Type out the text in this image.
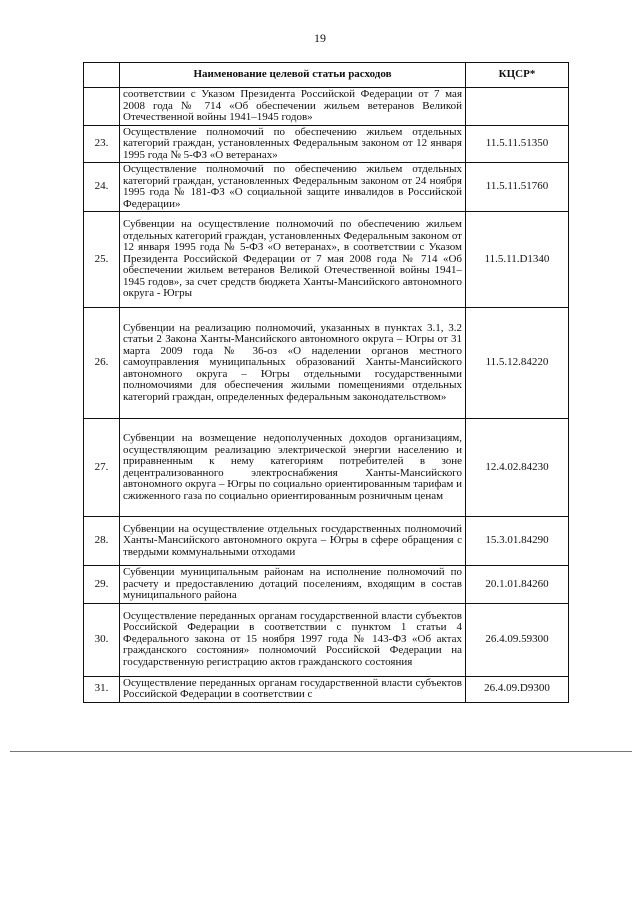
19
	Наименование целевой статьи расходов	КЦСР*
	соответствии с Указом Президента Российской Федерации от 7 мая 2008 года № 714 «Об обеспечении жильем ветеранов Великой Отечественной войны 1941–1945 годов»	
23.	Осуществление полномочий по обеспечению жильем отдельных категорий граждан, установленных Федеральным законом от 12 января 1995 года № 5-ФЗ «О ветеранах»	11.5.11.51350
24.	Осуществление полномочий по обеспечению жильем отдельных категорий граждан, установленных Федеральным законом от 24 ноября 1995 года № 181-ФЗ «О социальной защите инвалидов в Российской Федерации»	11.5.11.51760
25.	Субвенции на осуществление полномочий по обеспечению жильем отдельных категорий граждан, установленных Федеральным законом от 12 января 1995 года № 5-ФЗ «О ветеранах», в соответствии с Указом Президента Российской Федерации от 7 мая 2008 года № 714 «Об обеспечении жильем ветеранов Великой Отечественной войны 1941–1945 годов», за счет средств бюджета Ханты-Мансийского автономного округа - Югры	11.5.11.D1340
26.	Субвенции на реализацию полномочий, указанных в пунктах 3.1, 3.2 статьи 2 Закона Ханты-Мансийского автономного округа – Югры от 31 марта 2009 года № 36-оз «О наделении органов местного самоуправления муниципальных образований Ханты-Мансийского автономного округа – Югры отдельными государственными полномочиями для обеспечения жилыми помещениями отдельных категорий граждан, определенных федеральным законодательством»	11.5.12.84220
27.	Субвенции на возмещение недополученных доходов организациям, осуществляющим реализацию электрической энергии населению и приравненным к нему категориям потребителей в зоне децентрализованного электроснабжения Ханты-Мансийского автономного округа – Югры по социально ориентированным тарифам и сжиженного газа по социально ориентированным розничным ценам	12.4.02.84230
28.	Субвенции на осуществление отдельных государственных полномочий Ханты-Мансийского автономного округа – Югры в сфере обращения с твердыми коммунальными отходами	15.3.01.84290
29.	Субвенции муниципальным районам на исполнение полномочий по расчету и предоставлению дотаций поселениям, входящим в состав муниципального района	20.1.01.84260
30.	Осуществление переданных органам государственной власти субъектов Российской Федерации в соответствии с пунктом 1 статьи 4 Федерального закона от 15 ноября 1997 года № 143-ФЗ «Об актах гражданского состояния» полномочий Российской Федерации на государственную регистрацию актов гражданского состояния	26.4.09.59300
31.	Осуществление переданных органам государственной власти субъектов Российской Федерации в соответствии с	26.4.09.D9300
